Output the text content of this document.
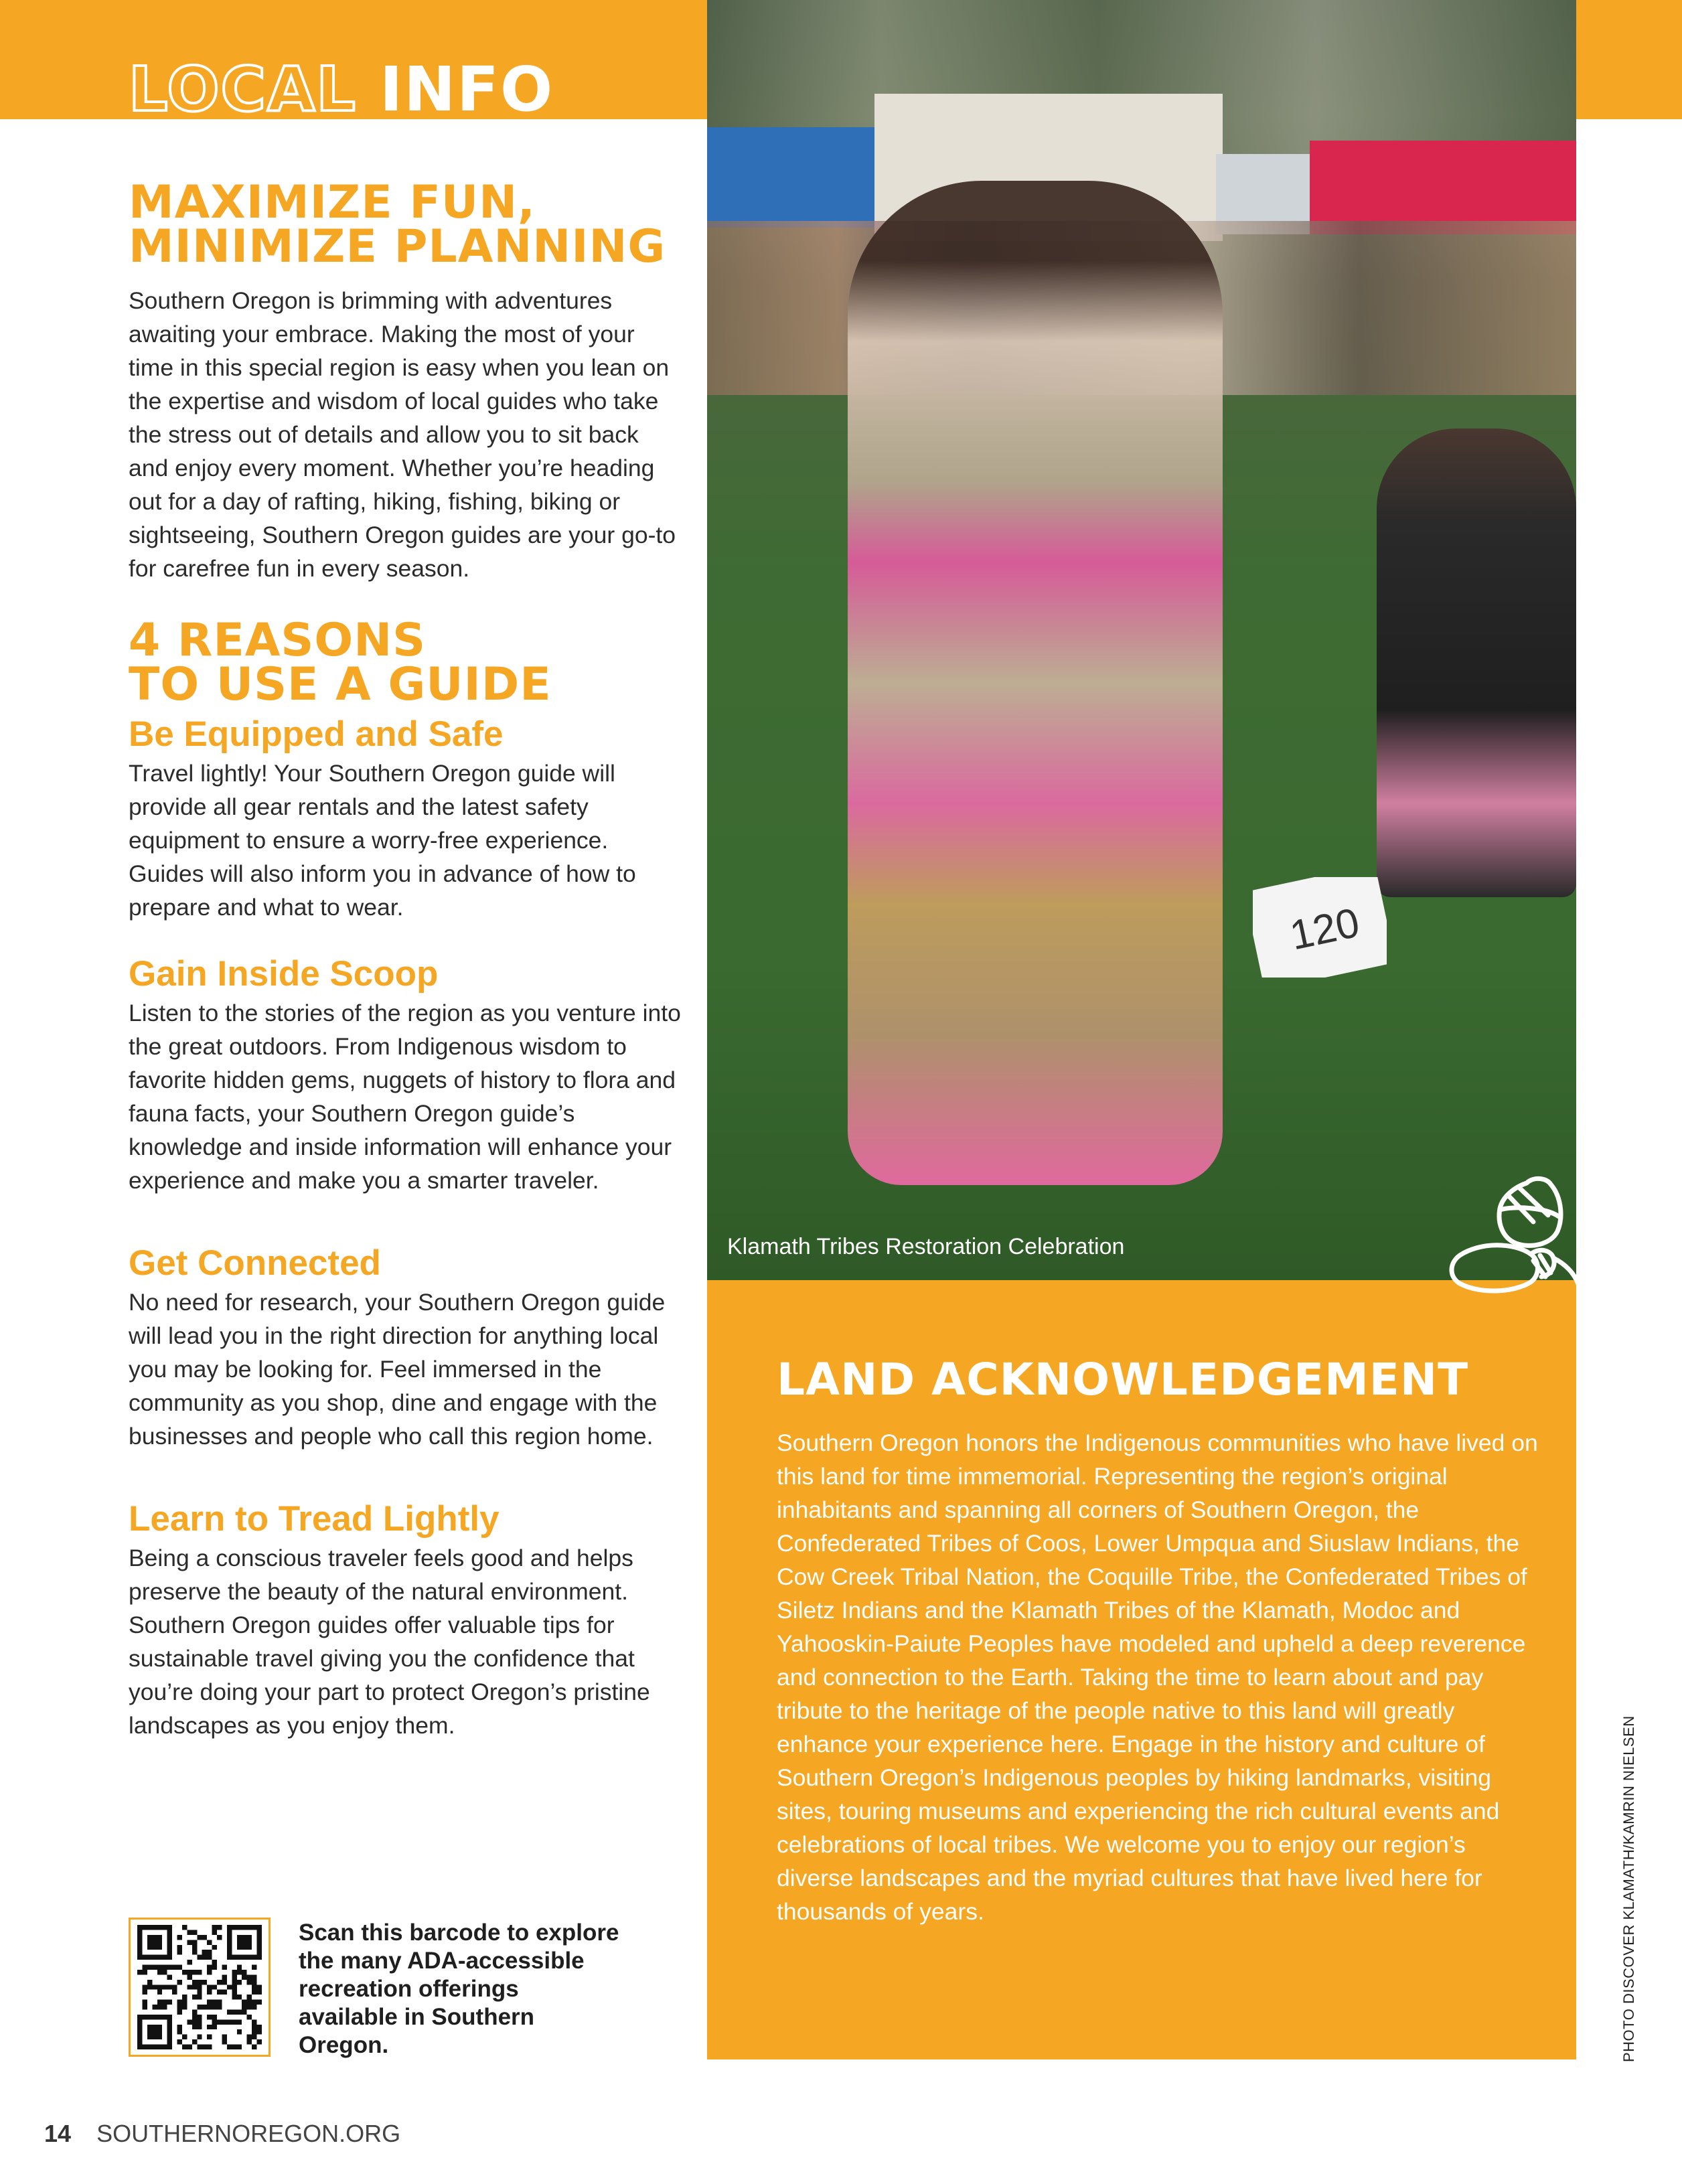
LOCAL INFO
MAXIMIZE FUN,
MINIMIZE PLANNING

Southern Oregon is brimming with adventures awaiting your embrace. Making the most of your time in this special region is easy when you lean on the expertise and wisdom of local guides who take the stress out of details and allow you to sit back and enjoy every moment. Whether you’re heading out for a day of rafting, hiking, fishing, biking or sightseeing, Southern Oregon guides are your go-to for carefree fun in every season.

4 REASONS
TO USE A GUIDE
Be Equipped and Safe

Travel lightly! Your Southern Oregon guide will provide all gear rentals and the latest safety equipment to ensure a worry-free experience. Guides will also inform you in advance of how to prepare and what to wear.

Gain Inside Scoop

Listen to the stories of the region as you venture into the great outdoors. From Indigenous wisdom to favorite hidden gems, nuggets of history to flora and fauna facts, your Southern Oregon guide’s knowledge and inside information will enhance your experience and make you a smarter traveler.

Get Connected

No need for research, your Southern Oregon guide will lead you in the right direction for anything local you may be looking for. Feel immersed in the community as you shop, dine and engage with the businesses and people who call this region home.

Learn to Tread Lightly

Being a conscious traveler feels good and helps preserve the beauty of the natural environment. Southern Oregon guides offer valuable tips for sustainable travel giving you the confidence that you’re doing your part to protect Oregon’s pristine landscapes as you enjoy them.

120

Klamath Tribes Restoration Celebration

LAND ACKNOWLEDGEMENT

Southern Oregon honors the Indigenous communities who have lived on this land for time immemorial. Representing the region’s original inhabitants and spanning all corners of Southern Oregon, the Confederated Tribes of Coos, Lower Umpqua and Siuslaw Indians, the Cow Creek Tribal Nation, the Coquille Tribe, the Confederated Tribes of Siletz Indians and the Klamath Tribes of the Klamath, Modoc and Yahooskin-Paiute Peoples have modeled and upheld a deep reverence and connection to the Earth. Taking the time to learn about and pay tribute to the heritage of the people native to this land will greatly enhance your experience here. Engage in the history and culture of Southern Oregon’s Indigenous peoples by hiking landmarks, visiting sites, touring museums and experiencing the rich cultural events and celebrations of local tribes. We welcome you to enjoy our region’s diverse landscapes and the myriad cultures that have lived here for thousands of years.

Scan this barcode to explore the many ADA-accessible recreation offerings available in Southern Oregon.	PHOTO DISCOVER KLAMATH/KAMRIN NIELSEN

14 SOUTHERNOREGON.ORG
